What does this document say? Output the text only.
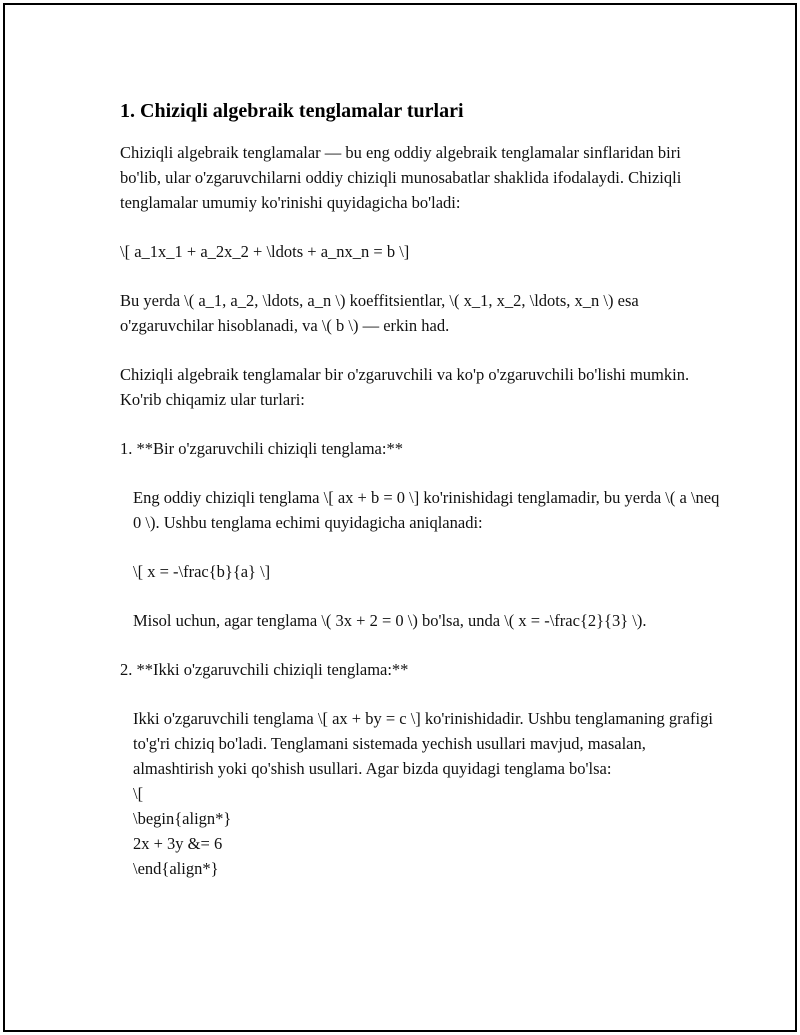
1. Chiziqli algebraik tenglamalar turlari

Chiziqli algebraik tenglamalar — bu eng oddiy algebraik tenglamalar sinflaridan biri bo'lib, ular o'zgaruvchilarni oddiy chiziqli munosabatlar shaklida ifodalaydi. Chiziqli tenglamalar umumiy ko'rinishi quyidagicha bo'ladi:

\[ a_1x_1 + a_2x_2 + \ldots + a_nx_n = b \]

Bu yerda \( a_1, a_2, \ldots, a_n \) koeffitsientlar, \( x_1, x_2, \ldots, x_n \) esa o'zgaruvchilar hisoblanadi, va \( b \) — erkin had.

Chiziqli algebraik tenglamalar bir o'zgaruvchili va ko'p o'zgaruvchili bo'lishi mumkin. Ko'rib chiqamiz ular turlari:

1. **Bir o'zgaruvchili chiziqli tenglama:**

Eng oddiy chiziqli tenglama \[ ax + b = 0 \] ko'rinishidagi tenglamadir, bu yerda \( a \neq 0 \). Ushbu tenglama echimi quyidagicha aniqlanadi:

\[ x = -\frac{b}{a} \]

Misol uchun, agar tenglama \( 3x + 2 = 0 \) bo'lsa, unda \( x = -\frac{2}{3} \).

2. **Ikki o'zgaruvchili chiziqli tenglama:**

Ikki o'zgaruvchili tenglama \[ ax + by = c \] ko'rinishidadir. Ushbu tenglamaning grafigi to'g'ri chiziq bo'ladi. Tenglamani sistemada yechish usullari mavjud, masalan, almashtirish yoki qo'shish usullari. Agar bizda quyidagi tenglama bo'lsa:

\[
\begin{align*}
2x + 3y &= 6
\end{align*}
